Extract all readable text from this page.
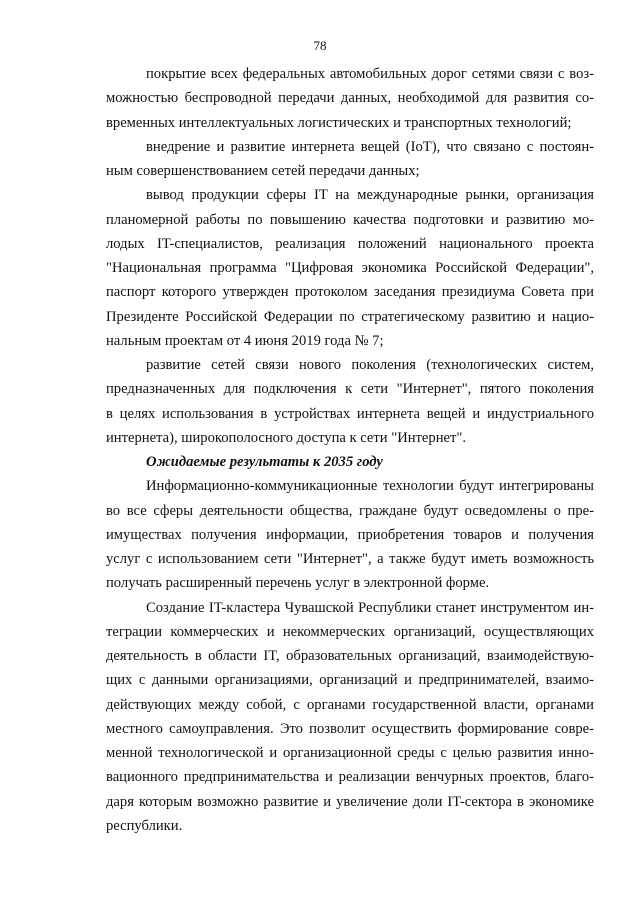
78
покрытие всех федеральных автомобильных дорог сетями связи с воз-
можностью беспроводной передачи данных, необходимой для развития со-
временных интеллектуальных логистических и транспортных технологий;
внедрение и развитие интернета вещей (IoT), что связано с постоян-
ным совершенствованием сетей передачи данных;
вывод продукции сферы IT на международные рынки, организация
планомерной работы по повышению качества подготовки и развитию мо-
лодых IT-специалистов, реализация положений национального проекта
"Национальная программа "Цифровая экономика Российской Федерации",
паспорт которого утвержден протоколом заседания президиума Совета при
Президенте Российской Федерации по стратегическому развитию и нацио-
нальным проектам от 4 июня 2019 года № 7;
развитие сетей связи нового поколения (технологических систем,
предназначенных для подключения к сети "Интернет", пятого поколения
в целях использования в устройствах интернета вещей и индустриального
интернета), широкополосного доступа к сети "Интернет".
Ожидаемые результаты к 2035 году
Информационно-коммуникационные технологии будут интегрированы
во все сферы деятельности общества, граждане будут осведомлены о пре-
имуществах получения информации, приобретения товаров и получения
услуг с использованием сети "Интернет", а также будут иметь возможность
получать расширенный перечень услуг в электронной форме.
Создание IT-кластера Чувашской Республики станет инструментом ин-
теграции коммерческих и некоммерческих организаций, осуществляющих
деятельность в области IT, образовательных организаций, взаимодействую-
щих с данными организациями, организаций и предпринимателей, взаимо-
действующих между собой, с органами государственной власти, органами
местного самоуправления. Это позволит осуществить формирование совре-
менной технологической и организационной среды с целью развития инно-
вационного предпринимательства и реализации венчурных проектов, благо-
даря которым возможно развитие и увеличение доли IT-сектора в экономике
республики.
